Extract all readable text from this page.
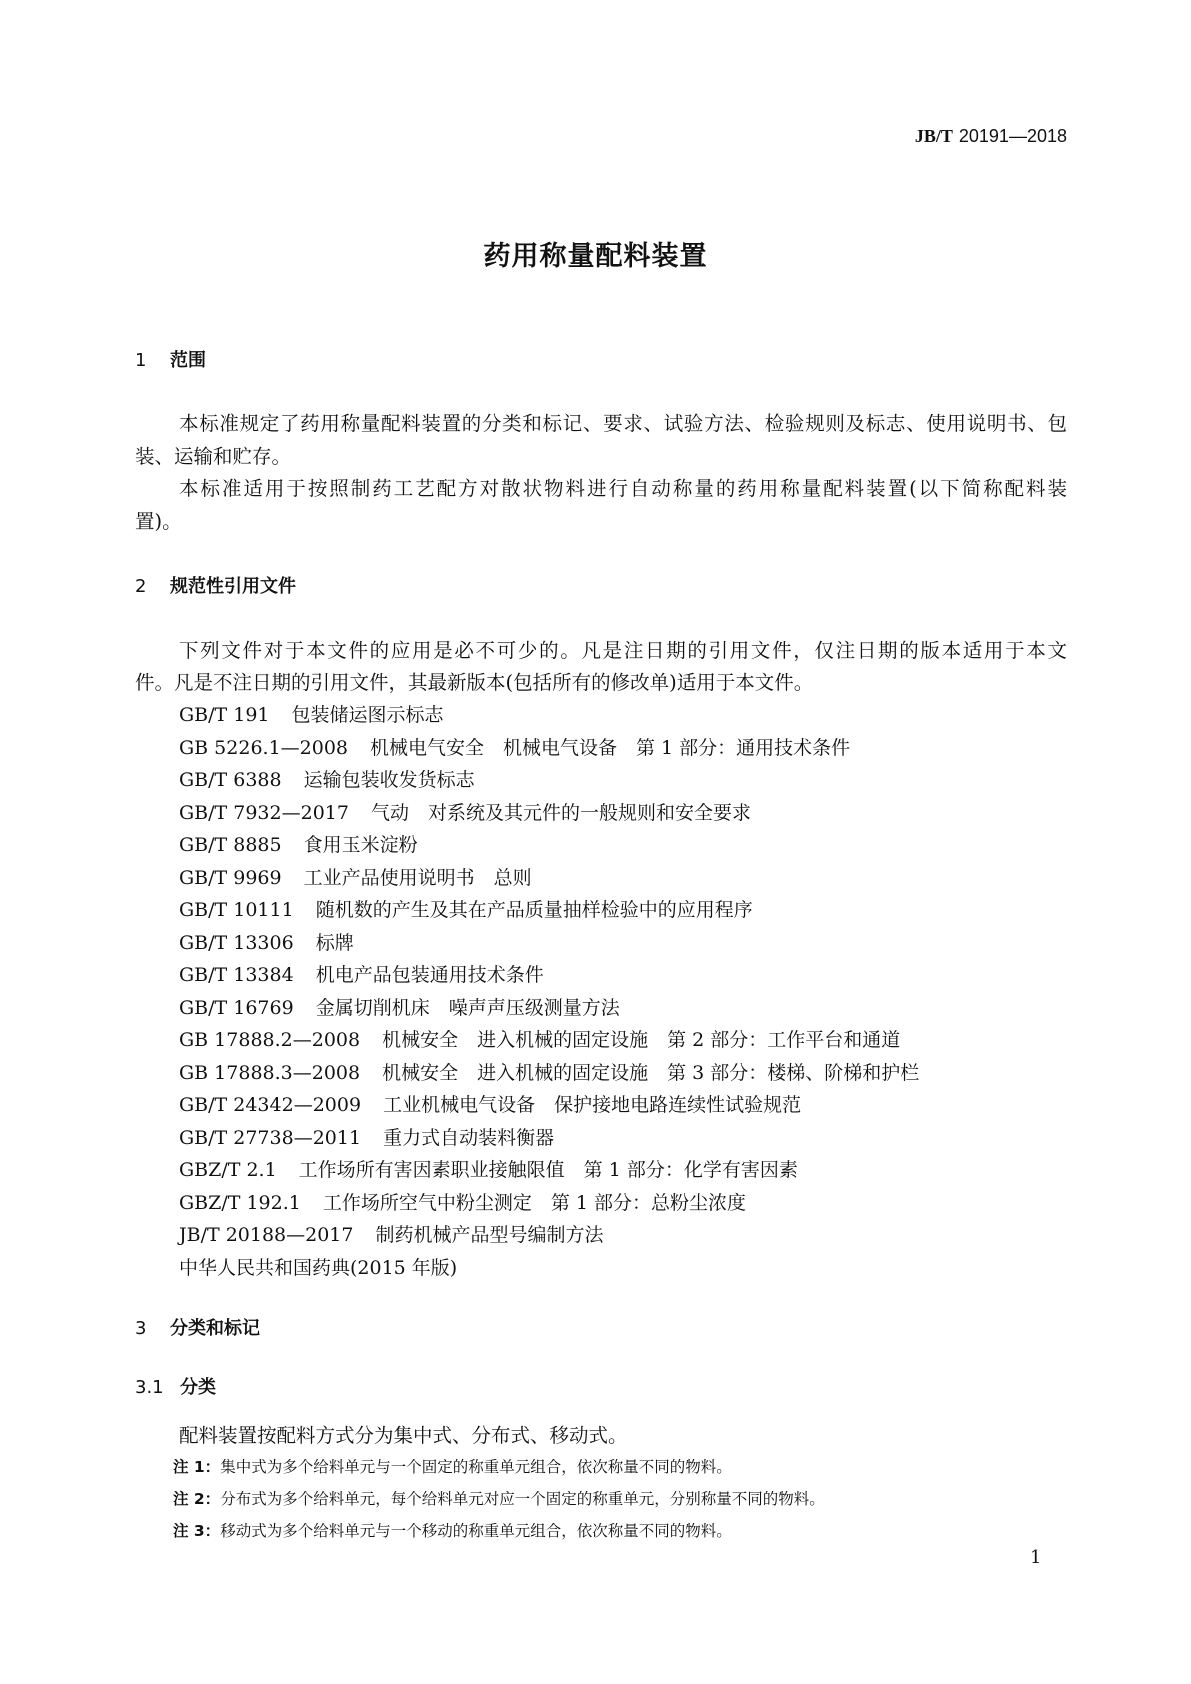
JB/T 20191—2018
药用称量配料装置
1 范围
本标准规定了药用称量配料装置的分类和标记、要求、试验方法、检验规则及标志、使用说明书、包
装、运输和贮存。
本标准适用于按照制药工艺配方对散状物料进行自动称量的药用称量配料装置(以下简称配料装
置)。
2 规范性引用文件
下列文件对于本文件的应用是必不可少的。凡是注日期的引用文件，仅注日期的版本适用于本文
件。凡是不注日期的引用文件，其最新版本(包括所有的修改单)适用于本文件。
GB/T 191 包装储运图示标志
GB 5226.1—2008 机械电气安全　机械电气设备　第 1 部分：通用技术条件
GB/T 6388 运输包装收发货标志
GB/T 7932—2017 气动　对系统及其元件的一般规则和安全要求
GB/T 8885 食用玉米淀粉
GB/T 9969 工业产品使用说明书　总则
GB/T 10111 随机数的产生及其在产品质量抽样检验中的应用程序
GB/T 13306 标牌
GB/T 13384 机电产品包装通用技术条件
GB/T 16769 金属切削机床　噪声声压级测量方法
GB 17888.2—2008 机械安全　进入机械的固定设施　第 2 部分：工作平台和通道
GB 17888.3—2008 机械安全　进入机械的固定设施　第 3 部分：楼梯、阶梯和护栏
GB/T 24342—2009 工业机械电气设备　保护接地电路连续性试验规范
GB/T 27738—2011 重力式自动装料衡器
GBZ/T 2.1 工作场所有害因素职业接触限值　第 1 部分：化学有害因素
GBZ/T 192.1 工作场所空气中粉尘测定　第 1 部分：总粉尘浓度
JB/T 20188—2017 制药机械产品型号编制方法
中华人民共和国药典(2015 年版)
3 分类和标记
3.1 分类
配料装置按配料方式分为集中式、分布式、移动式。
注 1：集中式为多个给料单元与一个固定的称重单元组合，依次称量不同的物料。
注 2：分布式为多个给料单元，每个给料单元对应一个固定的称重单元，分别称量不同的物料。
注 3：移动式为多个给料单元与一个移动的称重单元组合，依次称量不同的物料。
1
